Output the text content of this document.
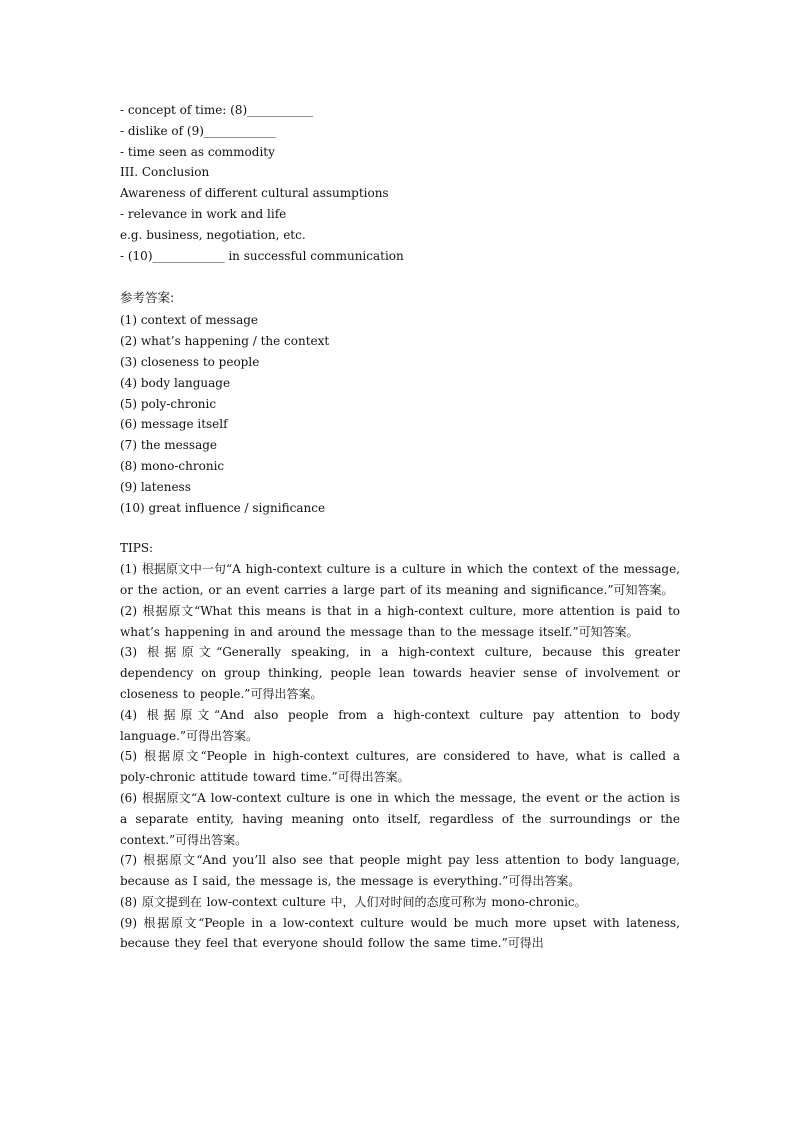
- concept of time: (8)___________
- dislike of (9)____________
- time seen as commodity
III. Conclusion
Awareness of different cultural assumptions
- relevance in work and life
e.g. business, negotiation, etc.
- (10)____________ in successful communication
参考答案:
(1) context of message
(2) what’s happening / the context
(3) closeness to people
(4) body language
(5) poly-chronic
(6) message itself
(7) the message
(8) mono-chronic
(9) lateness
(10) great influence / significance
TIPS:
(1) 根据原文中一句“A high-context culture is a culture in which the context of the message, or the action, or an event carries a large part of its meaning and significance.”可知答案。
(2) 根据原文“What this means is that in a high-context culture, more attention is paid to what’s happening in and around the message than to the message itself.”可知答案。
(3) 根据原文“Generally speaking, in a high-context culture, because this greater dependency on group thinking, people lean towards heavier sense of involvement or closeness to people.”可得出答案。
(4) 根据原文“And also people from a high-context culture pay attention to body language.”可得出答案。
(5) 根据原文“People in high-context cultures, are considered to have, what is called a poly-chronic attitude toward time.”可得出答案。
(6) 根据原文“A low-context culture is one in which the message, the event or the action is a separate entity, having meaning onto itself, regardless of the surroundings or the context.”可得出答案。
(7) 根据原文“And you’ll also see that people might pay less attention to body language, because as I said, the message is, the message is everything.”可得出答案。
(8) 原文提到在 low-context culture 中，人们对时间的态度可称为 mono-chronic。
(9) 根据原文“People in a low-context culture would be much more upset with lateness, because they feel that everyone should follow the same time.”可得出
